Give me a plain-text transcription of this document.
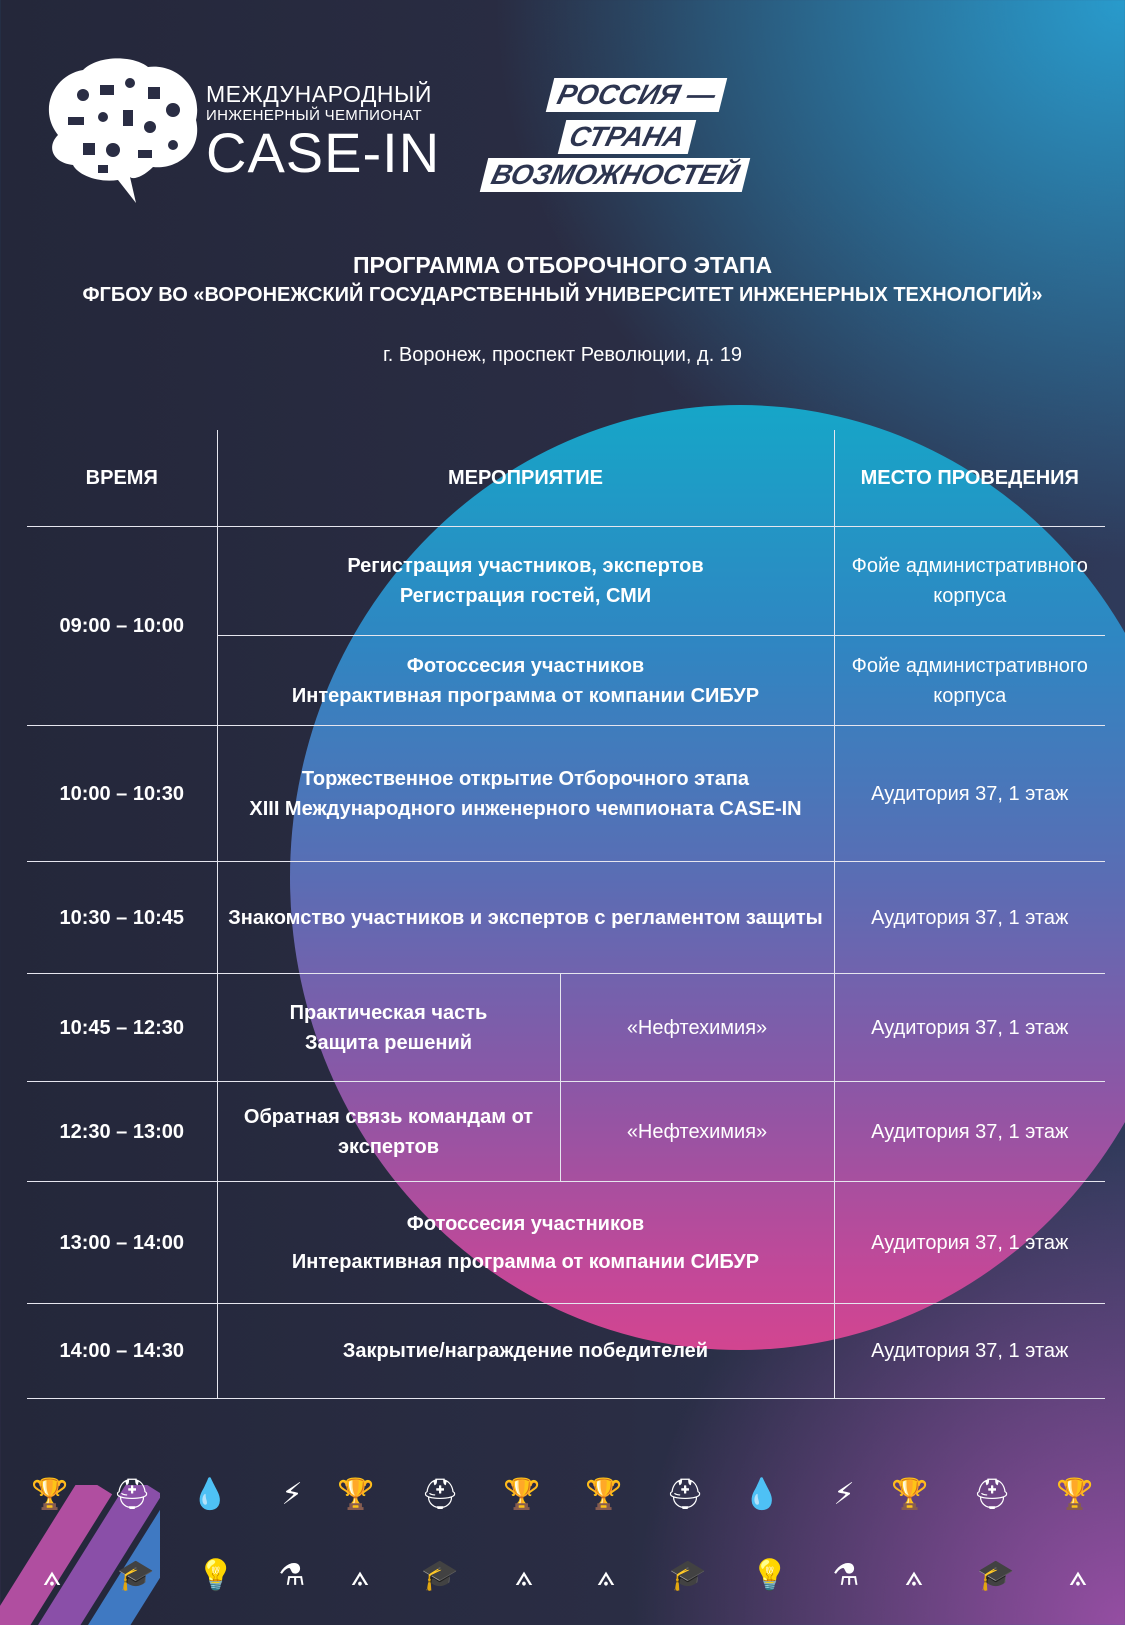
МЕЖДУНАРОДНЫЙ
ИНЖЕНЕРНЫЙ ЧЕМПИОНАТ
CASE-IN
РОССИЯ —
СТРАНА
ВОЗМОЖНОСТЕЙ
ПРОГРАММА ОТБОРОЧНОГО ЭТАПА
ФГБОУ ВО «ВОРОНЕЖСКИЙ ГОСУДАРСТВЕННЫЙ УНИВЕРСИТЕТ ИНЖЕНЕРНЫХ ТЕХНОЛОГИЙ»
г. Воронеж, проспект Революции, д. 19
ВРЕМЯ	МЕРОПРИЯТИЕ		МЕСТО ПРОВЕДЕНИЯ
09:00 – 10:00	Регистрация участников, экспертов
Регистрация гостей, СМИ		Фойе административного корпуса

	Фотоссесия участников
Интерактивная программа от компании СИБУР		Фойе административного корпуса
10:00 – 10:30	Торжественное открытие Отборочного этапа
XIII Международного инженерного чемпионата CASE-IN		Аудитория 37, 1 этаж
10:30 – 10:45	Знакомство участников и экспертов с регламентом защиты		Аудитория 37, 1 этаж
10:45 – 12:30	Практическая часть
Защита решений	«Нефтехимия»	Аудитория 37, 1 этаж
12:30 – 13:00	Обратная связь командам от экспертов	«Нефтехимия»	Аудитория 37, 1 этаж
13:00 – 14:00	Фотоссесия участников
Интерактивная программа от компании СИБУР		Аудитория 37, 1 этаж
14:00 – 14:30	Закрытие/награждение победителей		Аудитория 37, 1 этаж
🏆 ⛑ 💧	⚡	🏆 ⛑ 🏆 🏆 ⛑ 💧	⚡	🏆 ⛑ 🏆
⟑	🎓 💡 ⚗	⟑	🎓	⟑	⟑	🎓 💡 ⚗	⟑	🎓	⟑
